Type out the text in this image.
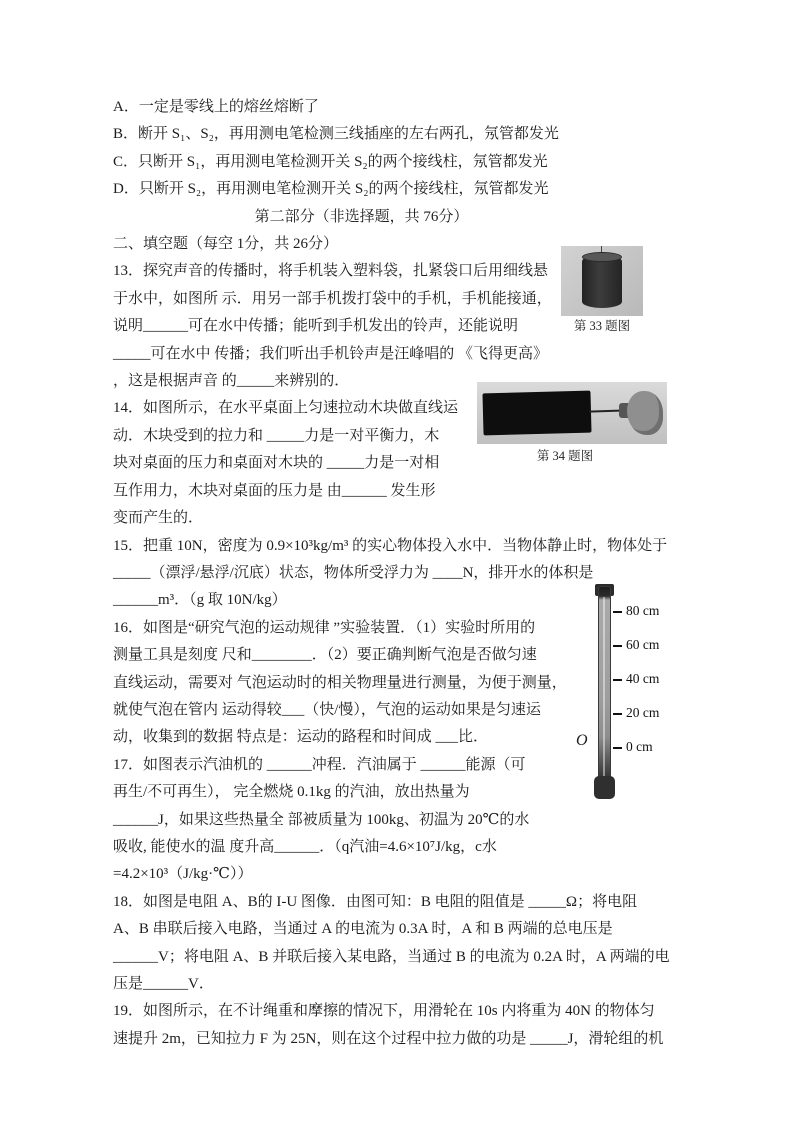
A．一定是零线上的熔丝熔断了
B．断开 S₁、S₂，再用测电笔检测三线插座的左右两孔，氖管都发光
C．只断开 S₁，再用测电笔检测开关 S₂的两个接线柱，氖管都发光
D．只断开 S₂，再用测电笔检测开关 S₂的两个接线柱，氖管都发光
第二部分（非选择题，共 76分）
二、填空题（每空 1分，共 26分）
13．探究声音的传播时，将手机装入塑料袋，扎紧袋口后用细线悬
于水中，如图所 示．用另一部手机拨打袋中的手机，手机能接通，
说明______可在水中传播；能听到手机发出的铃声，还能说明
_____可在水中 传播；我们听出手机铃声是汪峰唱的 《飞得更高》
，这是根据声音 的_____来辨别的．
14．如图所示，在水平桌面上匀速拉动木块做直线运
动．木块受到的拉力和 _____力是一对平衡力，木
块对桌面的压力和桌面对木块的 _____力是一对相
互作用力，木块对桌面的压力是 由______ 发生形
变而产生的．
15．把重 10N，密度为 0.9×10³kg/m³ 的实心物体投入水中．当物体静止时，物体处于
_____（漂浮/悬浮/沉底）状态，物体所受浮力为 ____N，排开水的体积是
______m³．（g 取 10N/kg）
16．如图是“研究气泡的运动规律 ”实验装置．（1）实验时所用的
测量工具是刻度 尺和________．（2）要正确判断气泡是否做匀速
直线运动，需要对 气泡运动时的相关物理量进行测量，为便于测量，
就使气泡在管内 运动得较___（快/慢），气泡的运动如果是匀速运
动，收集到的数据 特点是：运动的路程和时间成 ___比．
17．如图表示汽油机的 ______冲程．汽油属于 ______能源（可
再生/不可再生）， 完全燃烧 0.1kg 的汽油，放出热量为
______J，如果这些热量全 部被质量为 100kg、初温为 20℃的水
吸收, 能使水的温 度升高______．（q汽油=4.6×10⁷J/kg，c水
=4.2×10³（J/kg·℃））
18．如图是电阻 A、B的 I-U 图像．由图可知：B 电阻的阻值是 _____Ω；将电阻
A、B 串联后接入电路，当通过 A 的电流为 0.3A 时，A 和 B 两端的总电压是
______V；将电阻 A、B 并联后接入某电路，当通过 B 的电流为 0.2A 时，A 两端的电
压是______V．
19．如图所示，在不计绳重和摩擦的情况下，用滑轮在 10s 内将重为 40N 的物体匀
速提升 2m，已知拉力 F 为 25N，则在这个过程中拉力做的功是 _____J，滑轮组的机
第 33 题图
第 34 题图
80 cm
60 cm
40 cm
20 cm
0 cm
O
